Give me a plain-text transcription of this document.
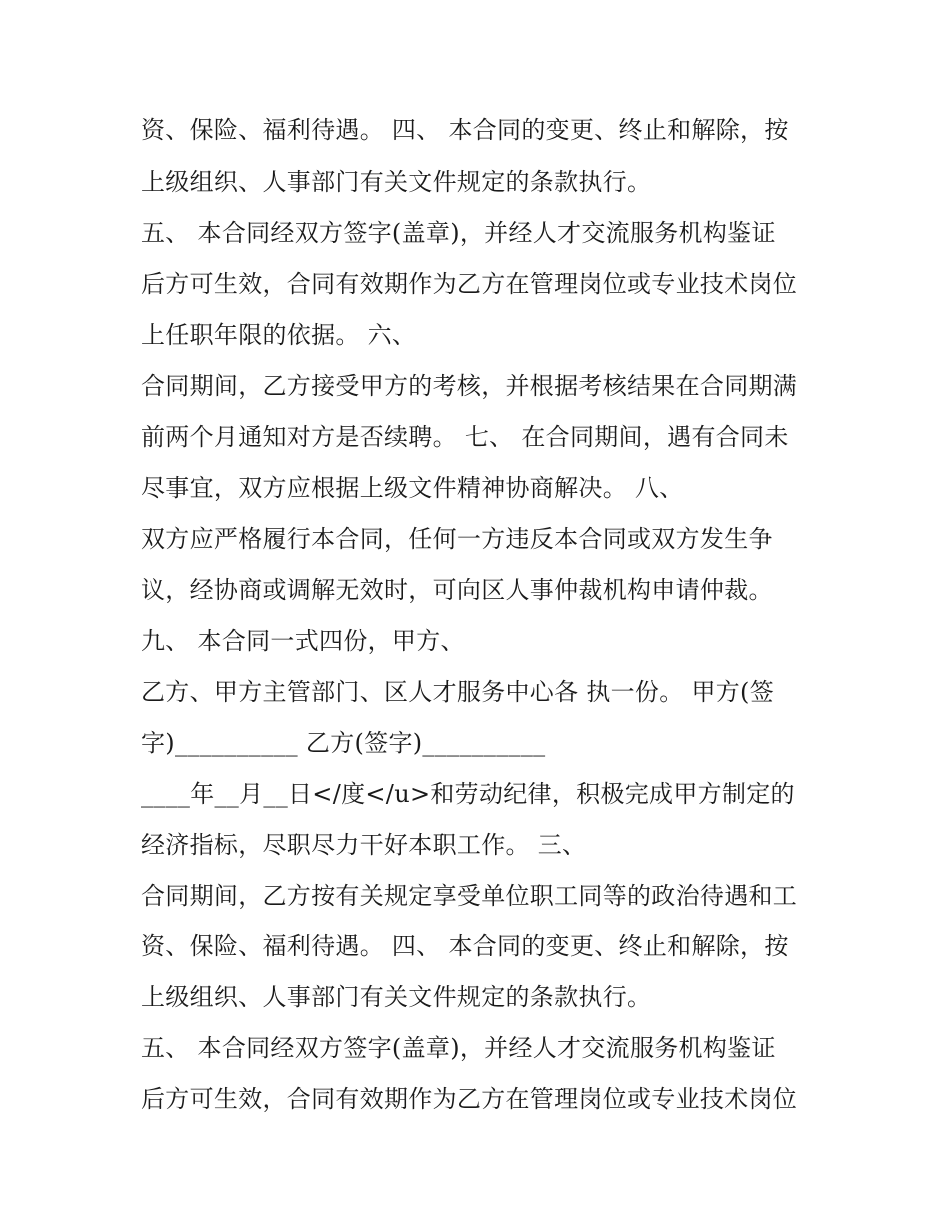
资、保险、福利待遇。 四、 本合同的变更、终止和解除，按
上级组织、人事部门有关文件规定的条款执行。
五、 本合同经双方签字(盖章)，并经人才交流服务机构鉴证
后方可生效，合同有效期作为乙方在管理岗位或专业技术岗位
上任职年限的依据。 六、
合同期间，乙方接受甲方的考核，并根据考核结果在合同期满
前两个月通知对方是否续聘。 七、 在合同期间，遇有合同未
尽事宜，双方应根据上级文件精神协商解决。 八、
双方应严格履行本合同，任何一方违反本合同或双方发生争
议，经协商或调解无效时，可向区人事仲裁机构申请仲裁。
九、 本合同一式四份，甲方、
乙方、甲方主管部门、区人才服务中心各 执一份。 甲方(签
字)__________ 乙方(签字)__________
____年__月__日</度</u>和劳动纪律，积极完成甲方制定的
经济指标，尽职尽力干好本职工作。 三、
合同期间，乙方按有关规定享受单位职工同等的政治待遇和工
资、保险、福利待遇。 四、 本合同的变更、终止和解除，按
上级组织、人事部门有关文件规定的条款执行。
五、 本合同经双方签字(盖章)，并经人才交流服务机构鉴证
后方可生效，合同有效期作为乙方在管理岗位或专业技术岗位
